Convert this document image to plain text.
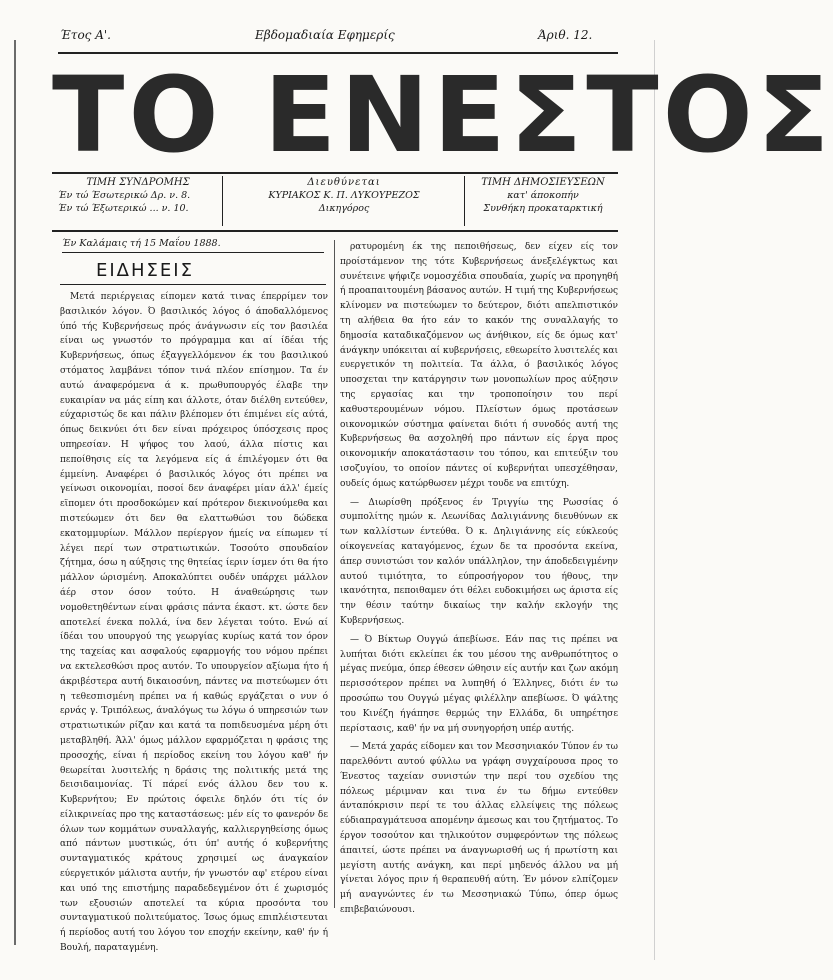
Έτος Α'.	Εβδομαδιαία Εφημερίς	Άριθ. 12.
ΤΟ ΕΝΕΣΤΟΣ
ΤΙΜΗ ΣΥΝΔΡΟΜΗΣ
Έν τώ Έσωτερικώ Δρ. ν. 8.
Έν τώ Έξωτερικώ ... ν. 10.
Διευθύνεται
ΚΥΡΙΑΚΟΣ Κ. Π. ΛΥΚΟΥΡΕΖΟΣ
Δικηγόρος
ΤΙΜΗ ΔΗΜΟΣΙΕΥΣΕΩΝ
κατ' άποκοπήν
Συνθήκη προκαταρκτική
Έν Καλάμαις τή 15 Μαΐου 1888.
ΕΙΔΗΣΕΙΣ

Μετά περιέργειας είπομεν κατά τινας έπερρίμεν τον βασιλικόν λόγον. Ό βασιλικός λόγος ό άποδαλλόμενος ύπό τής Κυβερνήσεως πρός άνάγνωσιν είς τον βασιλέα είναι ως γνωστόν το πρόγραμμα και αί ίδέαι τής Κυβερνήσεως, όπως έξαγγελλόμενον έκ του βασιλικού στόματος λαμβάνει τόπον τινά πλέον επίσημον. Τα έν αυτώ άναφερόμενα ά κ. πρωθυπουργός έλαβε την ευκαιρίαν να μάς είπη και άλλοτε, όταν διέλθη εντεύθεν, εύχαριστώς δε και πάλιν βλέπομεν ότι έπιμένει είς αύτά, όπως δεικνύει ότι δεν είναι πρόχειρος ύπόσχεσις προς υπηρεσίαν. Η ψήφος του λαού, άλλα πίστις και πεποίθησις είς τα λεγόμενα είς ά έπιλέγομεν ότι θα έμμείνη. Αναφέρει ό βασιλικός λόγος ότι πρέπει να γείνωσι οικονομίαι, ποσοί δεν άναφέρει μίαν άλλ' έμείς εϊπομεν ότι προσδοκώμεν καί πρότερον διεκινούμεθα και πιστεύωμεν ότι δεν θα ελαττωθώσι του δώδεκα εκατομμυρίων. Μάλλον περίεργον ήμείς να είπωμεν τί λέγει περί των στρατιωτικών. Τοσούτο σπουδαίον ζήτημα, όσω η αύξησις της θητείας ίεριν ίσμεν ότι θα ήτο μάλλον ώρισμένη. Αποκαλύπτει ουδέν υπάρχει μάλλον άέρ στον όσον τούτο. Η άναθεώρησις των νομοθετηθέντων είναι φράσις πάντα έκαστ. κτ. ώστε δεν αποτελεί ένεκα πολλά, ίνα δεν λέγεται τούτο. Ενώ αί ίδέαι του υπουργού της γεωργίας κυρίως κατά τον όρον της ταχείας και ασφαλούς εφαρμογής του νόμου πρέπει να εκτελεσθώσι προς αυτόν. Το υπουργείον αξίωμα ήτο ή άκριβέστερα αυτή δικαιοσύνη, πάντες να πιστεύωμεν ότι η τεθεσπισμένη πρέπει να ή καθώς εργάζεται ο νυν ό ερνάς γ. Τριπόλεως, άναλόγως τω λόγω ό υπηρεσιών των στρατιωτικών ρίζαν και κατά τα ποπιδευσμένα μέρη ότι μεταβληθή. Άλλ' όμως μάλλον εφαρμόζεται η φράσις της προσοχής, είναι ή περίοδος εκείνη του λόγου καθ' ήν θεωρείται λυσιτελής η δράσις της πολιτικής μετά της δεισιδαιμονίας. Τί πάρεί ενός άλλου δεν του κ. Κυβερνήτου; Εν πρώτοις όφειλε δηλόν ότι τίς όν είλικρινείας προ της καταστάσεως: μέν είς το φανερόν δε όλων των κομμάτων συναλλαγής, καλλιεργηθείσης όμως από πάντων μυστικώς, ότι ύπ' αυτής ό κυβερνήτης συνταγματικός κράτους χρησιμεί ως άναγκαίον εύεργετικόν μάλιστα αυτήν, ήν γνωστόν αφ' ετέρου είναι και υπό της επιστήμης παραδεδεγμένον ότι έ χωρισμός των εξουσιών αποτελεί τα κύρια προσόντα του συνταγματικού πολιτεύματος. Ίσως όμως επιπλέιστευται ή περίοδος αυτή του λόγου τον εποχήν εκείνην, καθ' ήν ή Βουλή, παραταγμένη.

ρατυρομένη έκ της πεποιθήσεως, δεν είχεν είς τον προίστάμενον της τότε Κυβερνήσεως άνεξελέγκτως και συνέτεινε ψήφιζε νομοσχέδια σπουδαία, χωρίς να προηγηθή ή προαπαιτουμένη βάσανος αυτών. Η τιμή της Κυβερνήσεως κλίνομεν να πιστεύωμεν το δεύτερον, διότι απελπιστικόν τη αλήθεια θα ήτο εάν το κακόν της συναλλαγής το δημοσία καταδικαζόμενον ως άνήθικον, είς δε όμως κατ' άνάγκην υπόκειται αί κυβερνήσεις, εθεωρείτο λυσιτελές και ευεργετικόν τη πολιτεία. Τα άλλα, ό βασιλικός λόγος υποσχεται την κατάργησιν των μονοπωλίων προς αύξησιν της εργασίας και την τροποποίησιν του περί καθυστερουμένων νόμου. Πλείστων όμως προτάσεων οικονομικών σύστημα φαίνεται διότι ή συνοδός αυτή της Κυβερνήσεως θα ασχοληθή προ πάντων είς έργα προς οικονομικήν αποκατάστασιν του τόπου, και επιτεύξιν του ισοζυγίου, το οποίον πάντες οί κυβερνήται υπεσχέθησαν, ουδείς όμως κατώρθωσεν μέχρι τουδε να επιτύχη.

— Διωρίσθη πρόξενος έν Τριγγίω της Ρωσσίας ό συμπολίτης ημών κ. Λεωνίδας Δαλιγιάννης διευθύνων εκ των καλλίστων έντεύθα. Ό κ. Δηλιγιάννης είς εύκλεούς οίκογενείας καταγόμενος, έχων δε τα προσόντα εκείνα, άπερ συνιστώσι τον καλόν υπάλληλον, την άποδεδειγμένην αυτού τιμιότητα, το εύπροσήγορον του ήθους, την ικανότητα, πεποιθαμεν ότι θέλει ευδοκιμήσει ως άριστα είς την θέσιν ταύτην δικαίως την καλήν εκλογήν της Κυβερνήσεως.

— Ό Βίκτωρ Ουγγώ άπεβίωσε. Εάν πας τις πρέπει να λυπήται διότι εκλείπει έκ του μέσου της ανθρωπότητος ο μέγας πνεύμα, όπερ έθεσεν ώθησιν είς αυτήν και ζων ακόμη περισσότερον πρέπει να λυπηθή ό Έλληνες, διότι έν τω προσώπω του Ουγγώ μέγας φιλέλλην απεβίωσε. Ό ψάλτης του Κινέζη ήγάπησε θερμώς την Ελλάδα, δι υπηρέτησε περίστασις, καθ' ήν να μή συνηγορήση υπέρ αυτής.

— Μετά χαράς είδομεν και τον Μεσσηνιακόν Τύπον έν τω παρελθόντι αυτού φύλλω να γράφη συγχαίρουσα προς το Ένεστος ταχείαν συνιστών την περί του σχεδίου της πόλεως μέριμναν και τινα έν τω δήμω εντεύθεν άνταπόκρισιν περί τε του άλλας ελλείψεις της πόλεως εύδιαπραγμάτευσα απομένην άμεσως και του ζητήματος. Το έργον τοσούτον και τηλικούτον συμφερόντων της πόλεως άπαιτεί, ώστε πρέπει να άναγνωρισθή ως ή πρωτίστη και μεγίστη αυτής ανάγκη, και περί μηδενός άλλου να μή γίνεται λόγος πριν ή θεραπευθή αύτη. Έν μόνον ελπίζομεν μή αναγνώντες έν τω Μεσσηνιακώ Τύπω, όπερ όμως επιβεβαιώνουσι.
